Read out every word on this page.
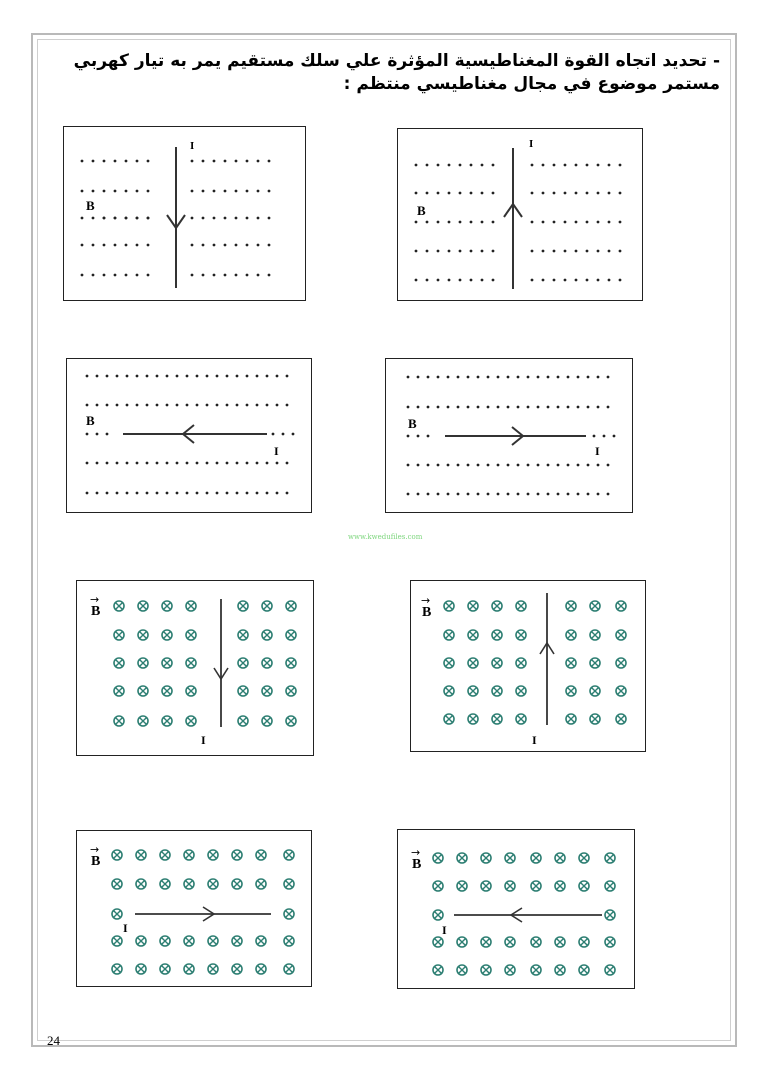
- تحديد اتجاه القوة المغناطيسية المؤثرة علي سلك مستقيم يمر به تيار كهربي مستمر موضوع في مجال مغناطيسي منتظم :

B
I
B
I
B
I
B
I
www.kwedufiles.com
B
→
I
B
→
I
B
→
I
B
→
I
24
